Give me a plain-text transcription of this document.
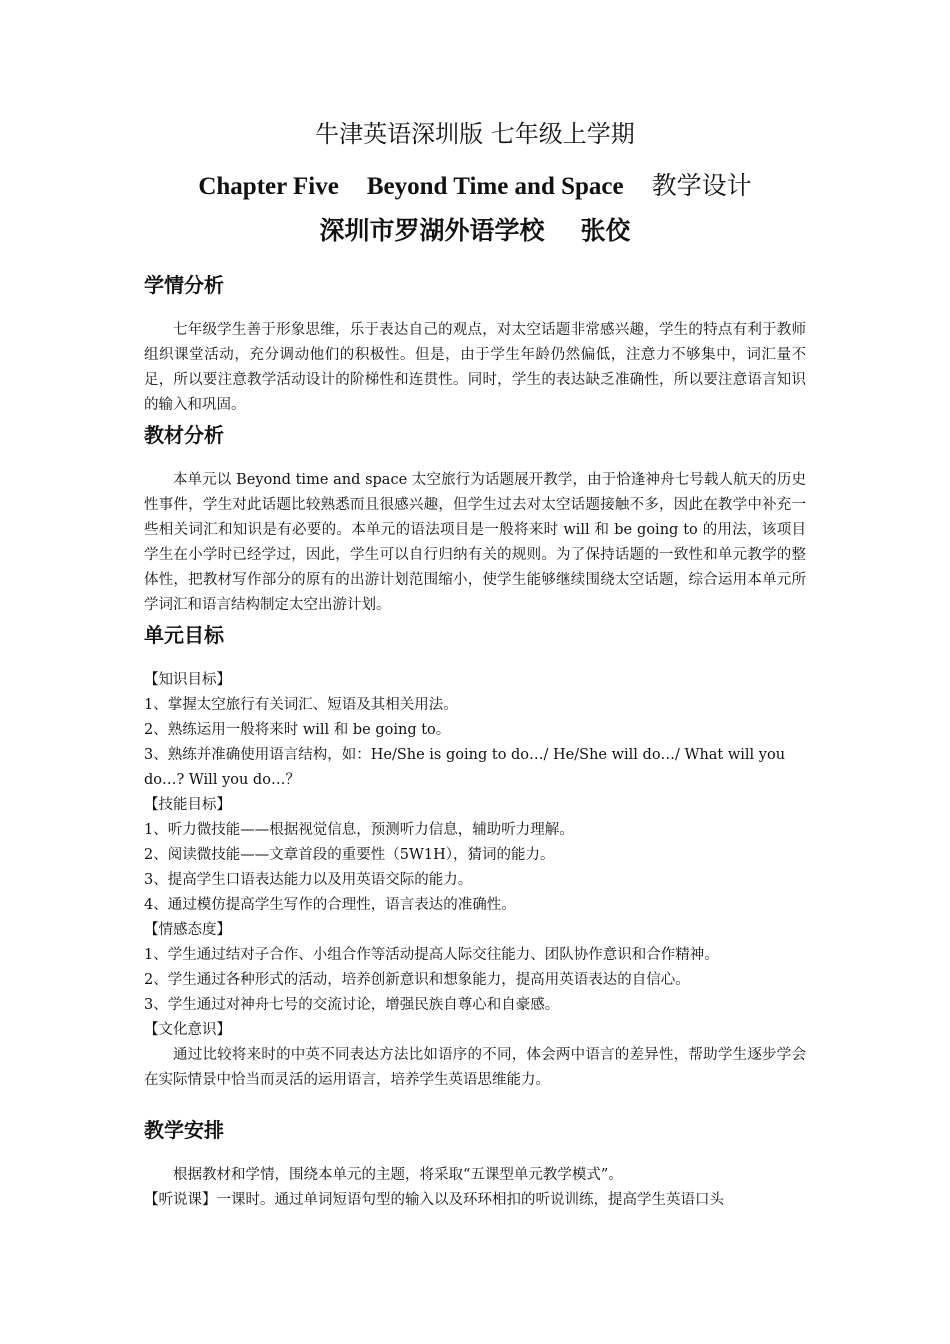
牛津英语深圳版 七年级上学期
Chapter Five Beyond Time and Space 教学设计
深圳市罗湖外语学校 张佼
学情分析

七年级学生善于形象思维，乐于表达自己的观点，对太空话题非常感兴趣，学生的特点有利于教师组织课堂活动，充分调动他们的积极性。但是，由于学生年龄仍然偏低，注意力不够集中，词汇量不足，所以要注意教学活动设计的阶梯性和连贯性。同时，学生的表达缺乏准确性，所以要注意语言知识的输入和巩固。

教材分析

本单元以 Beyond time and space 太空旅行为话题展开教学，由于恰逢神舟七号载人航天的历史性事件，学生对此话题比较熟悉而且很感兴趣，但学生过去对太空话题接触不多，因此在教学中补充一些相关词汇和知识是有必要的。本单元的语法项目是一般将来时 will 和 be going to 的用法，该项目学生在小学时已经学过，因此，学生可以自行归纳有关的规则。为了保持话题的一致性和单元教学的整体性，把教材写作部分的原有的出游计划范围缩小，使学生能够继续围绕太空话题，综合运用本单元所学词汇和语言结构制定太空出游计划。

单元目标

【知识目标】

1、掌握太空旅行有关词汇、短语及其相关用法。

2、熟练运用一般将来时 will 和 be going to。

3、熟练并准确使用语言结构，如：He/She is going to do…/ He/She will do…/ What will you do…? Will you do…？

【技能目标】

1、听力微技能——根据视觉信息，预测听力信息，辅助听力理解。

2、阅读微技能——文章首段的重要性（5W1H），猜词的能力。

3、提高学生口语表达能力以及用英语交际的能力。

4、通过模仿提高学生写作的合理性，语言表达的准确性。

【情感态度】

1、学生通过结对子合作、小组合作等活动提高人际交往能力、团队协作意识和合作精神。

2、学生通过各种形式的活动，培养创新意识和想象能力，提高用英语表达的自信心。

3、学生通过对神舟七号的交流讨论，增强民族自尊心和自豪感。

【文化意识】

通过比较将来时的中英不同表达方法比如语序的不同，体会两中语言的差异性，帮助学生逐步学会在实际情景中恰当而灵活的运用语言，培养学生英语思维能力。

教学安排

根据教材和学情，围绕本单元的主题，将采取“五课型单元教学模式”。

【听说课】一课时。通过单词短语句型的输入以及环环相扣的听说训练，提高学生英语口头
